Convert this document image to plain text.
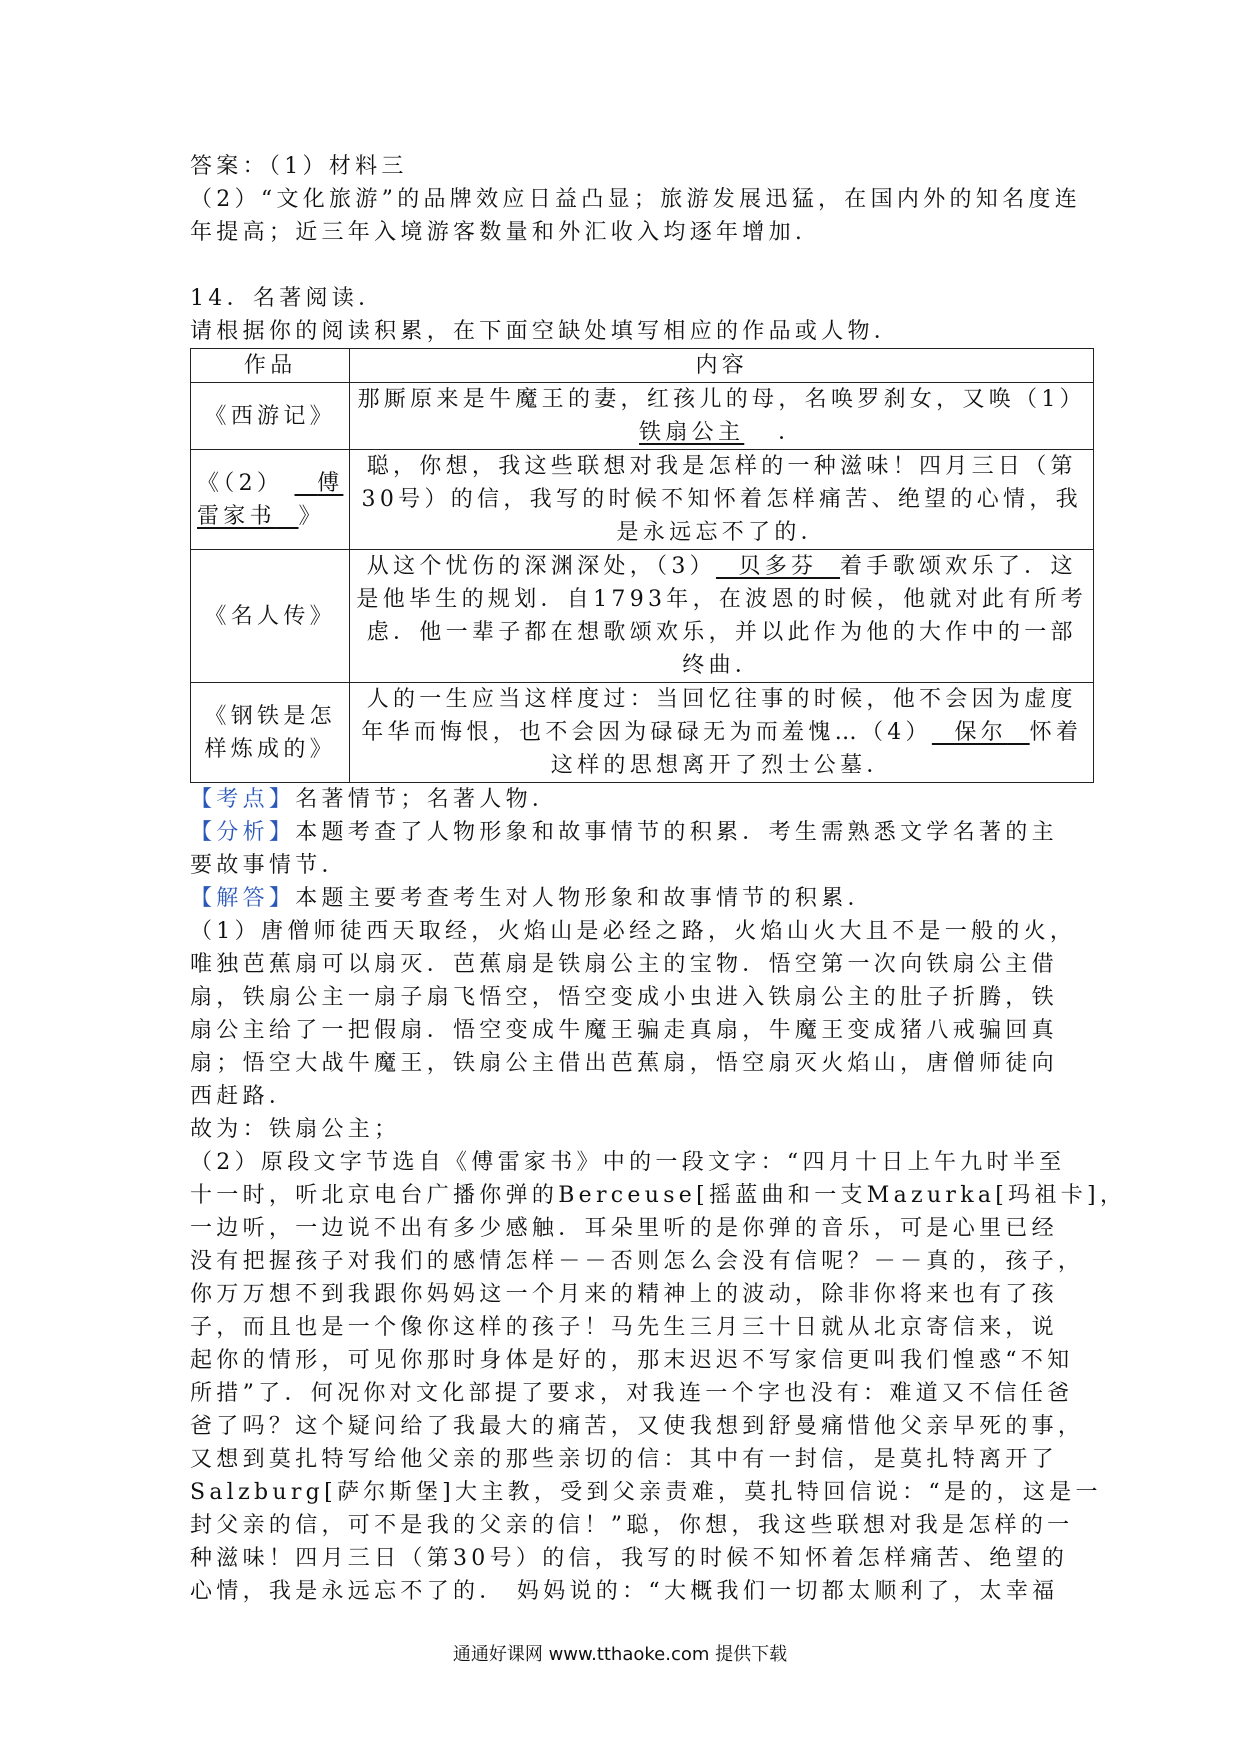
答案：（1）材料三
（2）“文化旅游”的品牌效应日益凸显；旅游发展迅猛，在国内外的知名度连
年提高；近三年入境游客数量和外汇收入均逐年增加.
14．名著阅读．
请根据你的阅读积累，在下面空缺处填写相应的作品或人物．
作品	内容
《西游记》	那厮原来是牛魔王的妻，红孩儿的母，名唤罗刹女，又唤（1）
铁扇公主 ．

《（2） 傅
雷家书 》	聪，你想，我这些联想对我是怎样的一种滋味！四月三日（第
30号）的信，我写的时候不知怀着怎样痛苦、绝望的心情，我
是永远忘不了的．

《名人传》	从这个忧伤的深渊深处，（3） 贝多芬 着手歌颂欢乐了．这
是他毕生的规划．自1793年，在波恩的时候，他就对此有所考
虑．他一辈子都在想歌颂欢乐，并以此作为他的大作中的一部
终曲．

《钢铁是怎
样炼成的》	人的一生应当这样度过：当回忆往事的时候，他不会因为虚度
年华而悔恨，也不会因为碌碌无为而羞愧…（4） 保尔 怀着
这样的思想离开了烈士公墓．
【考点】名著情节；名著人物．
【分析】本题考查了人物形象和故事情节的积累．考生需熟悉文学名著的主
要故事情节．
【解答】本题主要考查考生对人物形象和故事情节的积累．
（1）唐僧师徒西天取经，火焰山是必经之路，火焰山火大且不是一般的火，
唯独芭蕉扇可以扇灭．芭蕉扇是铁扇公主的宝物．悟空第一次向铁扇公主借
扇，铁扇公主一扇子扇飞悟空，悟空变成小虫进入铁扇公主的肚子折腾，铁
扇公主给了一把假扇．悟空变成牛魔王骗走真扇，牛魔王变成猪八戒骗回真
扇；悟空大战牛魔王，铁扇公主借出芭蕉扇，悟空扇灭火焰山，唐僧师徒向
西赶路．
故为：铁扇公主；
（2）原段文字节选自《傅雷家书》中的一段文字：“四月十日上午九时半至
十一时，听北京电台广播你弹的Berceuse[摇蓝曲和一支Mazurka[玛祖卡]，
一边听，一边说不出有多少感触．耳朵里听的是你弹的音乐，可是心里已经
没有把握孩子对我们的感情怎样－－否则怎么会没有信呢？－－真的，孩子，
你万万想不到我跟你妈妈这一个月来的精神上的波动，除非你将来也有了孩
子，而且也是一个像你这样的孩子！马先生三月三十日就从北京寄信来，说
起你的情形，可见你那时身体是好的，那末迟迟不写家信更叫我们惶惑“不知
所措”了．何况你对文化部提了要求，对我连一个字也没有：难道又不信任爸
爸了吗？这个疑问给了我最大的痛苦，又使我想到舒曼痛惜他父亲早死的事，
又想到莫扎特写给他父亲的那些亲切的信：其中有一封信，是莫扎特离开了
Salzburg[萨尔斯堡]大主教，受到父亲责难，莫扎特回信说：“是的，这是一
封父亲的信，可不是我的父亲的信！”聪，你想，我这些联想对我是怎样的一
种滋味！四月三日（第30号）的信，我写的时候不知怀着怎样痛苦、绝望的
心情，我是永远忘不了的． 妈妈说的：“大概我们一切都太顺利了，太幸福
通通好课网 www.tthaoke.com 提供下载
